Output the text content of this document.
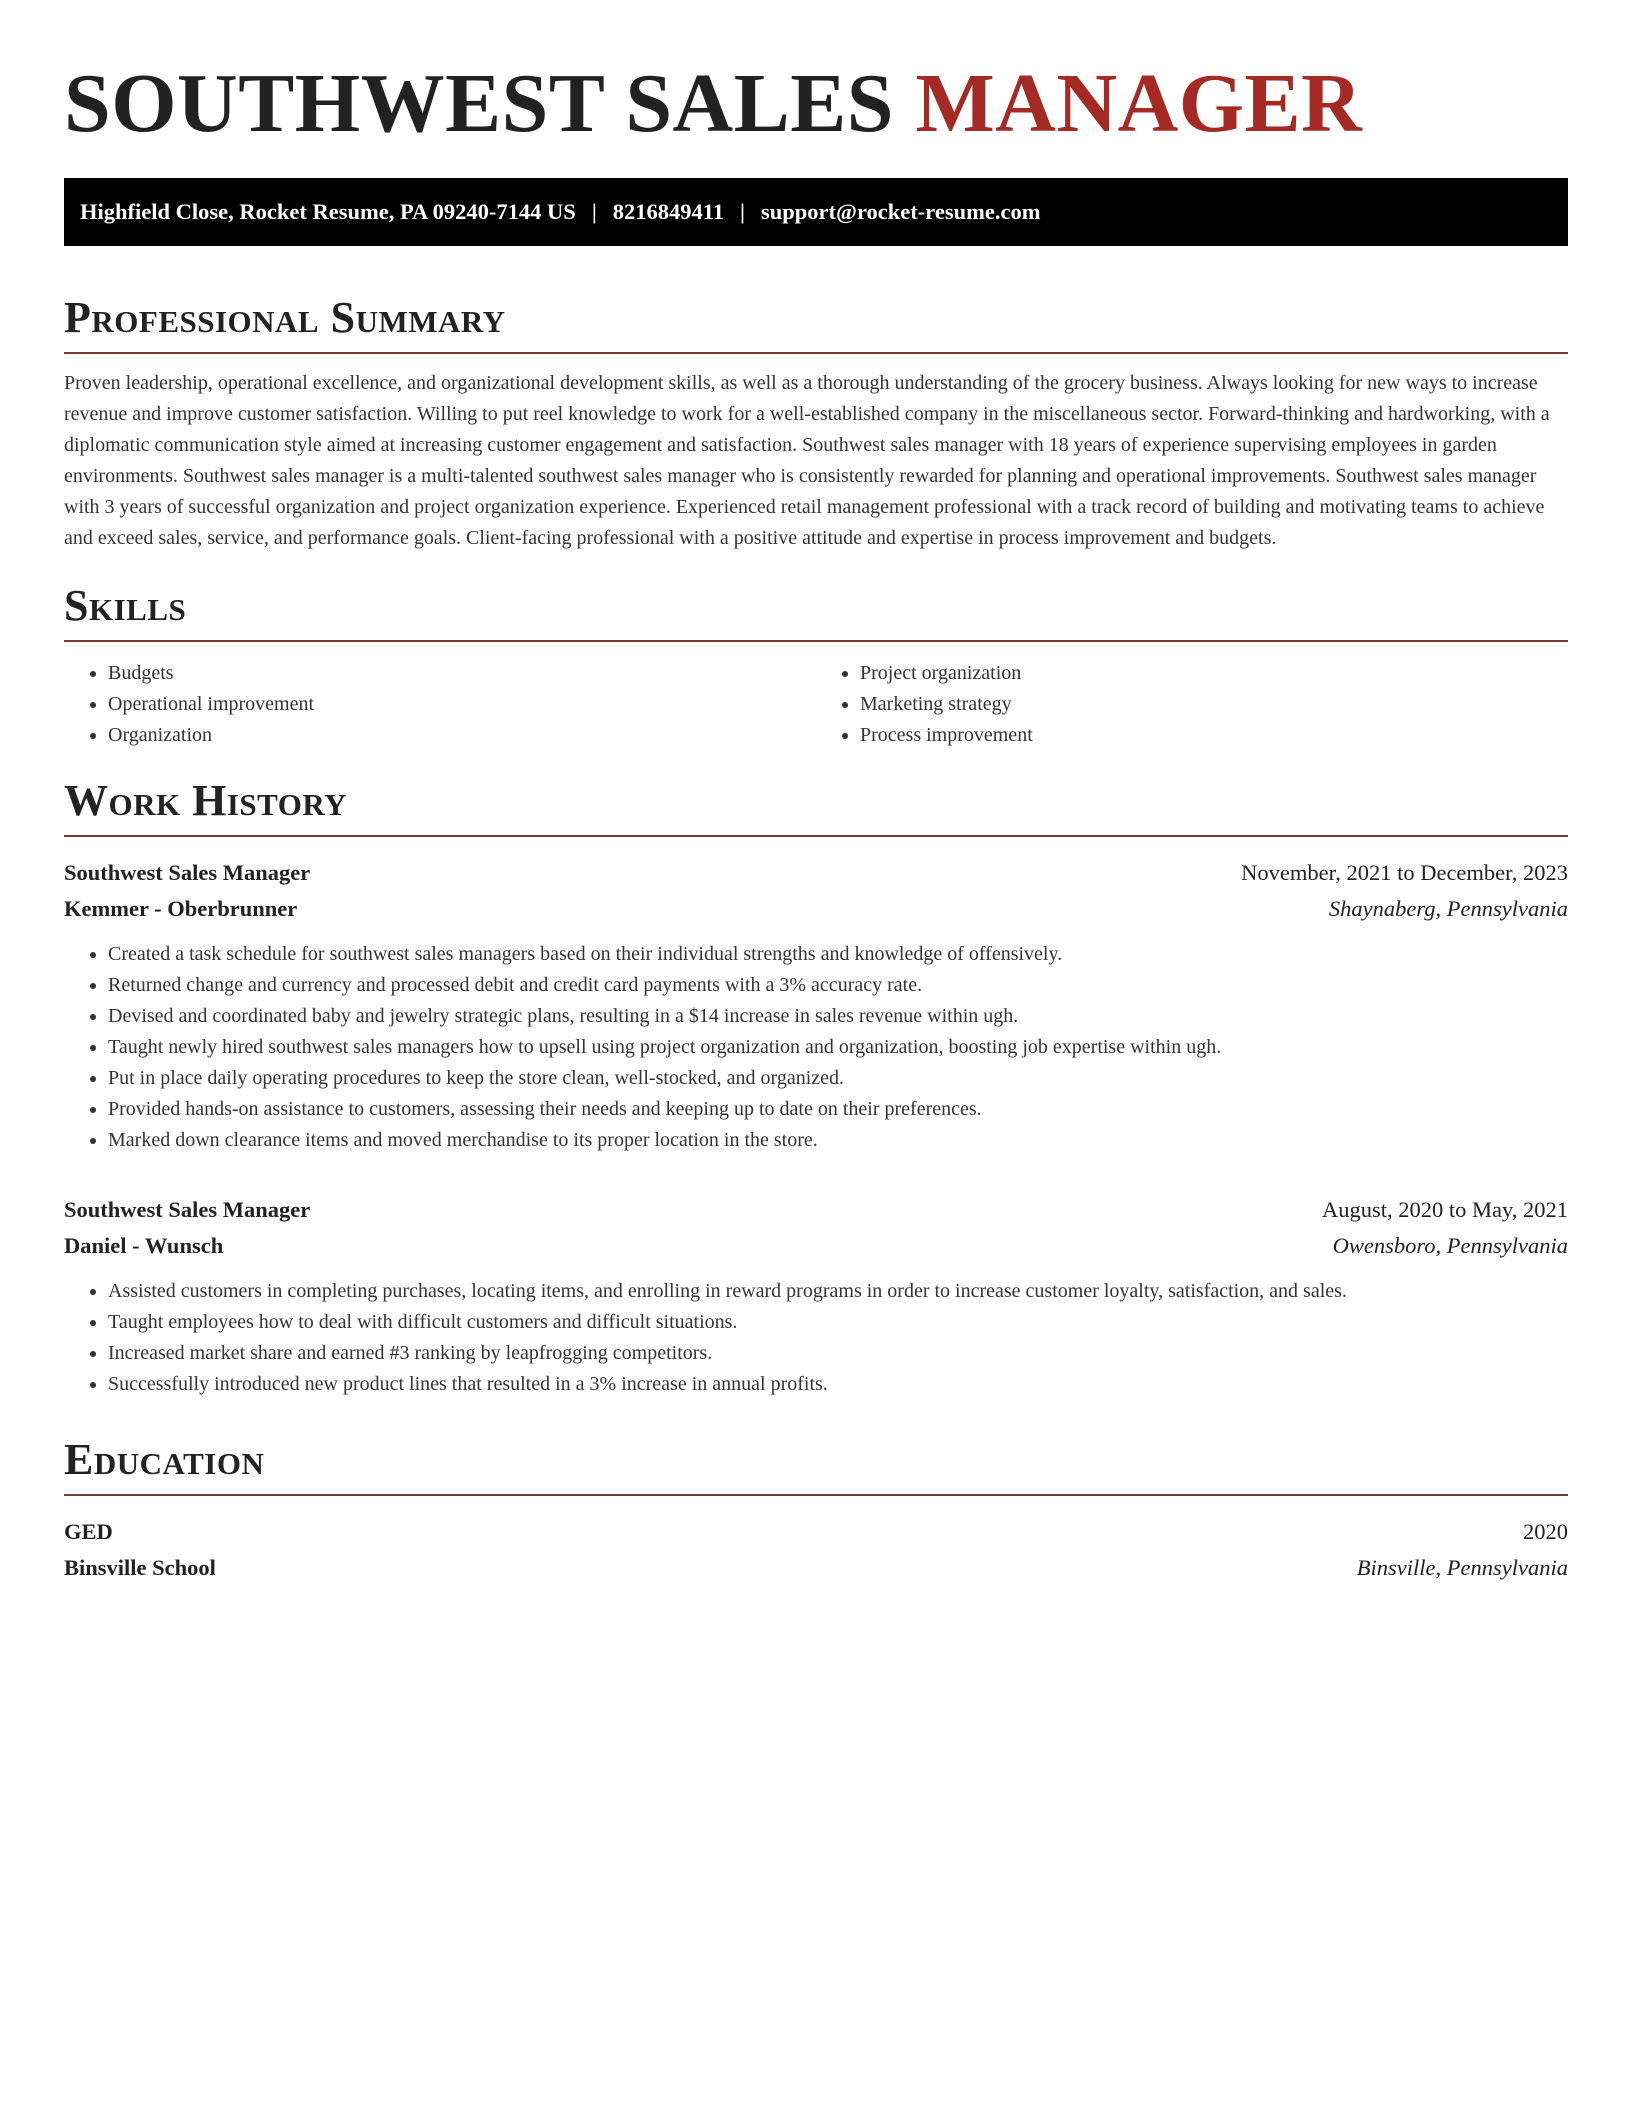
SOUTHWEST SALES MANAGER
Highfield Close, Rocket Resume, PA 09240-7144 US | 8216849411 | support@rocket-resume.com
Professional Summary

Proven leadership, operational excellence, and organizational development skills, as well as a thorough understanding of the grocery business. Always looking for new ways to increase revenue and improve customer satisfaction. Willing to put reel knowledge to work for a well-established company in the miscellaneous sector. Forward-thinking and hardworking, with a diplomatic communication style aimed at increasing customer engagement and satisfaction. Southwest sales manager with 18 years of experience supervising employees in garden environments. Southwest sales manager is a multi-talented southwest sales manager who is consistently rewarded for planning and operational improvements. Southwest sales manager with 3 years of successful organization and project organization experience. Experienced retail management professional with a track record of building and motivating teams to achieve and exceed sales, service, and performance goals. Client-facing professional with a positive attitude and expertise in process improvement and budgets.

Skills
• Budgets
• Operational improvement
• Organization
• Project organization
• Marketing strategy
• Process improvement
Work History
Southwest Sales Manager	November, 2021 to December, 2023
Kemmer - Oberbrunner	Shaynaberg, Pennsylvania
• Created a task schedule for southwest sales managers based on their individual strengths and knowledge of offensively.
• Returned change and currency and processed debit and credit card payments with a 3% accuracy rate.
• Devised and coordinated baby and jewelry strategic plans, resulting in a $14 increase in sales revenue within ugh.
• Taught newly hired southwest sales managers how to upsell using project organization and organization, boosting job expertise within ugh.
• Put in place daily operating procedures to keep the store clean, well-stocked, and organized.
• Provided hands-on assistance to customers, assessing their needs and keeping up to date on their preferences.
• Marked down clearance items and moved merchandise to its proper location in the store.
Southwest Sales Manager	August, 2020 to May, 2021
Daniel - Wunsch	Owensboro, Pennsylvania
• Assisted customers in completing purchases, locating items, and enrolling in reward programs in order to increase customer loyalty, satisfaction, and sales.
• Taught employees how to deal with difficult customers and difficult situations.
• Increased market share and earned #3 ranking by leapfrogging competitors.
• Successfully introduced new product lines that resulted in a 3% increase in annual profits.
Education
GED	2020
Binsville School	Binsville, Pennsylvania
